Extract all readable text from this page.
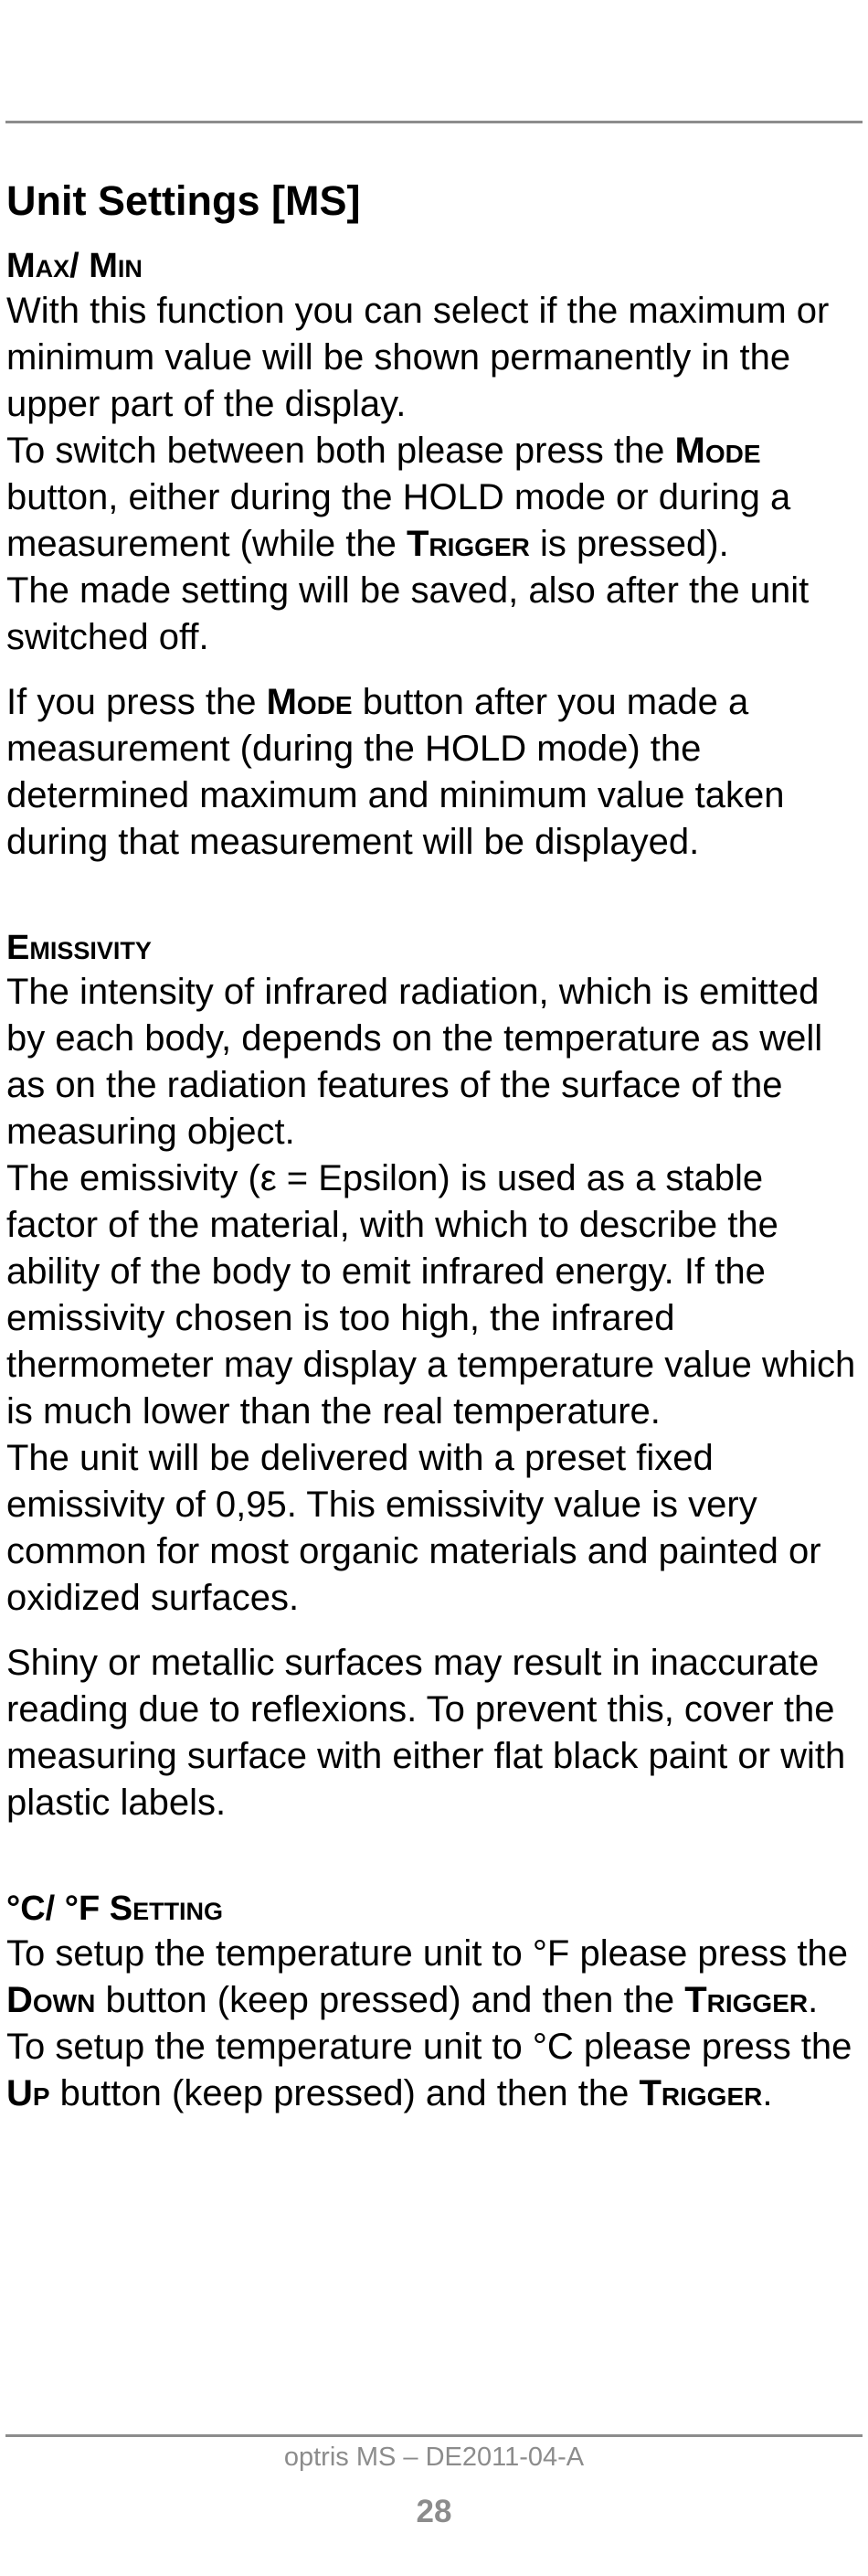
Unit Settings [MS]
Max/ Min

With this function you can select if the maximum or minimum value will be shown permanently in the upper part of the display.

To switch between both please press the Mode button, either during the HOLD mode or during a measurement (while the Trigger is pressed).

The made setting will be saved, also after the unit switched off.

If you press the Mode button after you made a measurement (during the HOLD mode) the determined maximum and minimum value taken during that measurement will be displayed.

Emissivity

The intensity of infrared radiation, which is emitted by each body, depends on the temperature as well as on the radiation features of the surface of the measuring object.

The emissivity (ε = Epsilon) is used as a stable factor of the material, with which to describe the ability of the body to emit infrared energy. If the emissivity chosen is too high, the infrared thermometer may display a temperature value which is much lower than the real temperature.

The unit will be delivered with a preset fixed emissivity of 0,95. This emissivity value is very common for most organic materials and painted or oxidized surfaces.

Shiny or metallic surfaces may result in inaccurate reading due to reflexions. To prevent this, cover the measuring surface with either flat black paint or with plastic labels.

°C/ °F Setting

To setup the temperature unit to °F please press the Down button (keep pressed) and then the Trigger.

To setup the temperature unit to °C please press the Up button (keep pressed) and then the Trigger.

optris MS – DE2011-04-A
28
